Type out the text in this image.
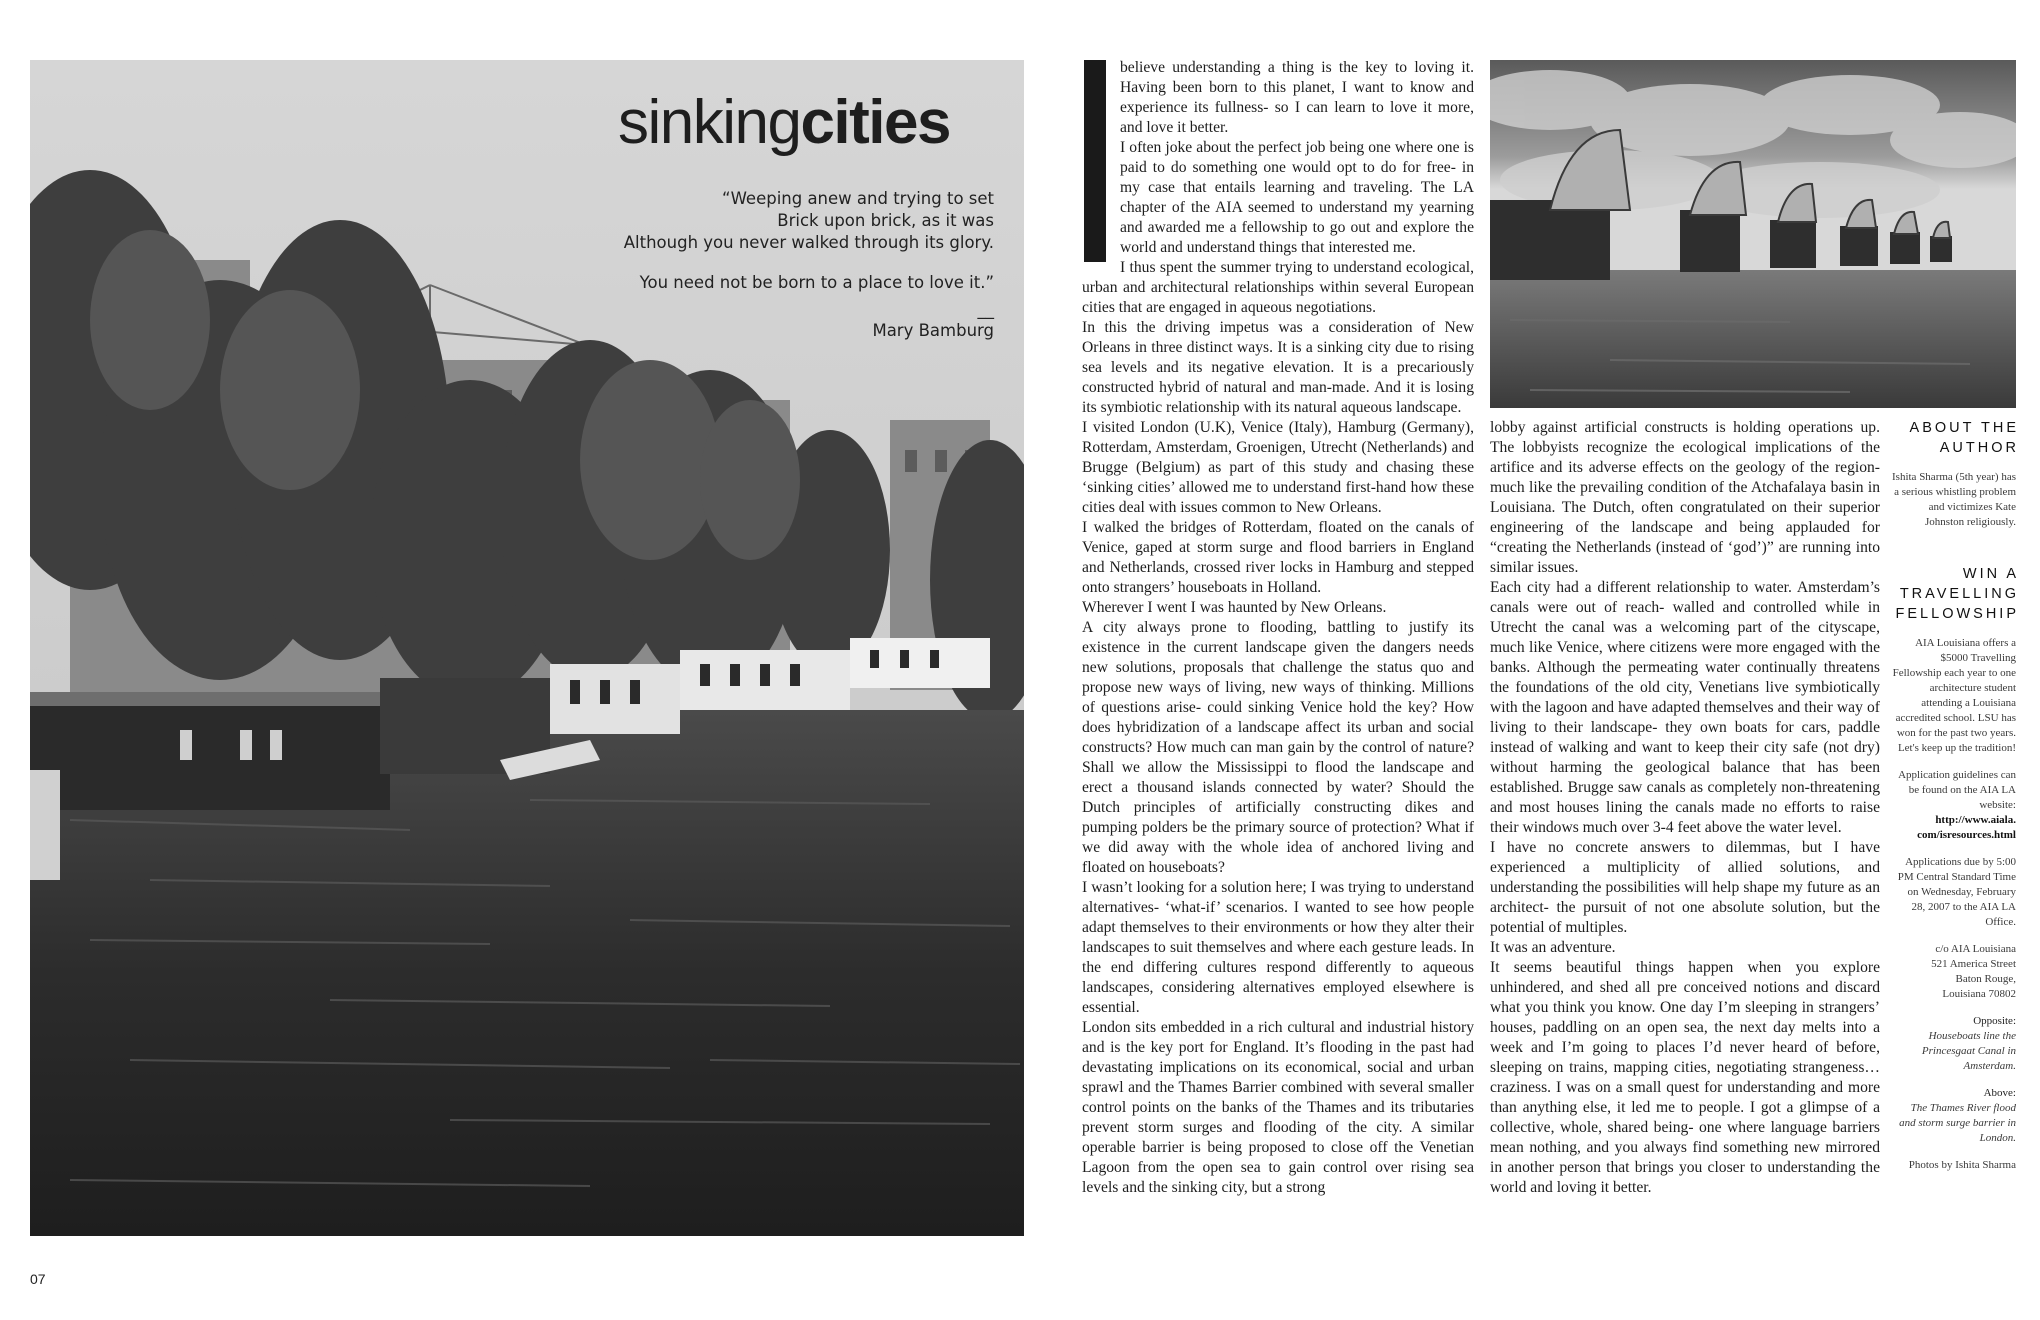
sinkingcities
“Weeping anew and trying to set
Brick upon brick, as it was
Although you never walked through its glory.
You need not be born to a place to love it.”
__
Mary Bamburg
07

believe understanding a thing is the key to loving it. Having been born to this planet, I want to know and experience its fullness- so I can learn to love it more, and love it better.

I often joke about the perfect job being one where one is paid to do something one would opt to do for free- in my case that entails learning and traveling. The LA chapter of the AIA seemed to understand my yearning and awarded me a fellowship to go out and explore the world and understand things that interested me.

I thus spent the summer trying to understand ecological, urban and architectural relationships within several European cities that are engaged in aqueous negotiations.

In this the driving impetus was a consideration of New Orleans in three distinct ways. It is a sinking city due to rising sea levels and its negative elevation. It is a precariously constructed hybrid of natural and man-made. And it is losing its symbiotic relationship with its natural aqueous landscape.

I visited London (U.K), Venice (Italy), Hamburg (Germany), Rotterdam, Amsterdam, Groenigen, Utrecht (Netherlands) and Brugge (Belgium) as part of this study and chasing these ‘sinking cities’ allowed me to understand first-hand how these cities deal with issues common to New Orleans.

I walked the bridges of Rotterdam, floated on the canals of Venice, gaped at storm surge and flood barriers in England and Netherlands, crossed river locks in Hamburg and stepped onto strangers’ houseboats in Holland.

Wherever I went I was haunted by New Orleans.

A city always prone to flooding, battling to justify its existence in the current landscape given the dangers needs new solutions, proposals that challenge the status quo and propose new ways of living, new ways of thinking. Millions of questions arise- could sinking Venice hold the key? How does hybridization of a landscape affect its urban and social constructs? How much can man gain by the control of nature? Shall we allow the Mississippi to flood the landscape and erect a thousand islands connected by water? Should the Dutch principles of artificially constructing dikes and pumping polders be the primary source of protection? What if we did away with the whole idea of anchored living and floated on houseboats?

I wasn’t looking for a solution here; I was trying to understand alternatives- ‘what-if’ scenarios. I wanted to see how people adapt themselves to their environments or how they alter their landscapes to suit themselves and where each gesture leads. In the end differing cultures respond differently to aqueous landscapes, considering alternatives employed elsewhere is essential.

London sits embedded in a rich cultural and industrial history and is the key port for England. It’s flooding in the past had devastating implications on its economical, social and urban sprawl and the Thames Barrier combined with several smaller control points on the banks of the Thames and its tributaries prevent storm surges and flooding of the city. A similar operable barrier is being proposed to close off the Venetian Lagoon from the open sea to gain control over rising sea levels and the sinking city, but a strong

lobby against artificial constructs is holding operations up. The lobbyists recognize the ecological implications of the artifice and its adverse effects on the geology of the region- much like the prevailing condition of the Atchafalaya basin in Louisiana. The Dutch, often congratulated on their superior engineering of the landscape and being applauded for “creating the Netherlands (instead of ‘god’)” are running into similar issues.

Each city had a different relationship to water. Amsterdam’s canals were out of reach- walled and controlled while in Utrecht the canal was a welcoming part of the cityscape, much like Venice, where citizens were more engaged with the banks. Although the permeating water continually threatens the foundations of the old city, Venetians live symbiotically with the lagoon and have adapted themselves and their way of living to their landscape- they own boats for cars, paddle instead of walking and want to keep their city safe (not dry) without harming the geological balance that has been established. Brugge saw canals as completely non-threatening and most houses lining the canals made no efforts to raise their windows much over 3-4 feet above the water level.

I have no concrete answers to dilemmas, but I have experienced a multiplicity of allied solutions, and understanding the possibilities will help shape my future as an architect- the pursuit of not one absolute solution, but the potential of multiples.

It was an adventure.

It seems beautiful things happen when you explore unhindered, and shed all pre conceived notions and discard what you think you know. One day I’m sleeping in strangers’ houses, paddling on an open sea, the next day melts into a week and I’m going to places I’d never heard of before, sleeping on trains, mapping cities, negotiating strangeness… craziness. I was on a small quest for understanding and more than anything else, it led me to people. I got a glimpse of a collective, whole, shared being- one where language barriers mean nothing, and you always find something new mirrored in another person that brings you closer to understanding the world and loving it better.

ABOUT THE
AUTHOR
Ishita Sharma (5th year) has a serious whistling problem and victimizes Kate Johnston religiously.
WIN A
TRAVELLING
FELLOWSHIP
AIA Louisiana offers a $5000 Travelling Fellowship each year to one architecture student attending a Louisiana accredited school. LSU has won for the past two years. Let's keep up the tradition!
Application guidelines can be found on the AIA LA website:
http://www.aiala.
com/isresources.html
Applications due by 5:00 PM Central Standard Time on Wednesday, February 28, 2007 to the AIA LA Office.
c/o AIA Louisiana
521 America Street
Baton Rouge,
Louisiana 70802
Opposite:
Houseboats line the Princesgaat Canal in Amsterdam.
Above:
The Thames River flood and storm surge barrier in London.
Photos by Ishita Sharma
